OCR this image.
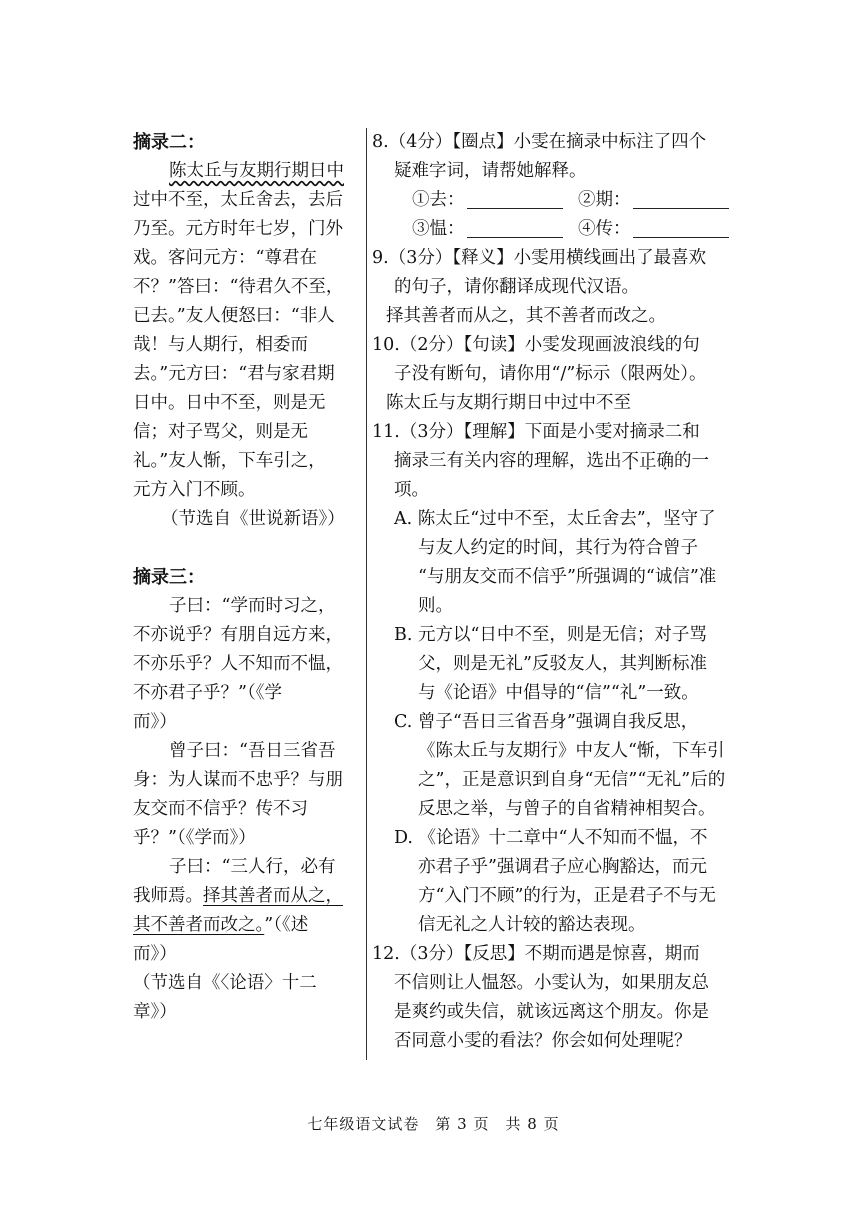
摘录二：
陈太丘与友期行期日中
过中不至，太丘舍去，去后
乃至。元方时年七岁，门外
戏。客问元方：“尊君在
不？”答曰：“待君久不至，
已去。”友人便怒曰：“非人
哉！与人期行，相委而
去。”元方曰：“君与家君期
日中。日中不至，则是无
信；对子骂父，则是无
礼。”友人惭，下车引之，
元方入门不顾。
（节选自《世说新语》）
摘录三：
子曰：“学而时习之，
不亦说乎？有朋自远方来，
不亦乐乎？人不知而不愠，
不亦君子乎？”（《学
而》）
曾子曰：“吾日三省吾
身：为人谋而不忠乎？与朋
友交而不信乎？传不习
乎？”（《学而》）
子曰：“三人行，必有
我师焉。择其善者而从之，
其不善者而改之。”（《述
而》）
（节选自《〈论语〉十二
章》）
8.（4分）【圈点】小雯在摘录中标注了四个
疑难字词，请帮她解释。
①去：	②期：
③愠：	④传：
9.（3分）【释义】小雯用横线画出了最喜欢
的句子，请你翻译成现代汉语。
择其善者而从之，其不善者而改之。
10.（2分）【句读】小雯发现画波浪线的句
子没有断句，请你用“/”标示（限两处）。
陈太丘与友期行期日中过中不至
11.（3分）【理解】下面是小雯对摘录二和
摘录三有关内容的理解，选出不正确的一
项。
A. 陈太丘“过中不至，太丘舍去”，坚守了
与友人约定的时间，其行为符合曾子
“与朋友交而不信乎”所强调的“诚信”准
则。
B. 元方以“日中不至，则是无信；对子骂
父，则是无礼”反驳友人，其判断标准
与《论语》中倡导的“信”“礼”一致。
C. 曾子“吾日三省吾身”强调自我反思，
《陈太丘与友期行》中友人“惭，下车引
之”，正是意识到自身“无信”“无礼”后的
反思之举，与曾子的自省精神相契合。
D. 《论语》十二章中“人不知而不愠，不
亦君子乎”强调君子应心胸豁达，而元
方“入门不顾”的行为，正是君子不与无
信无礼之人计较的豁达表现。
12.（3分）【反思】不期而遇是惊喜，期而
不信则让人愠怒。小雯认为，如果朋友总
是爽约或失信，就该远离这个朋友。你是
否同意小雯的看法？你会如何处理呢？
七年级语文试卷　第 3 页　共 8 页
